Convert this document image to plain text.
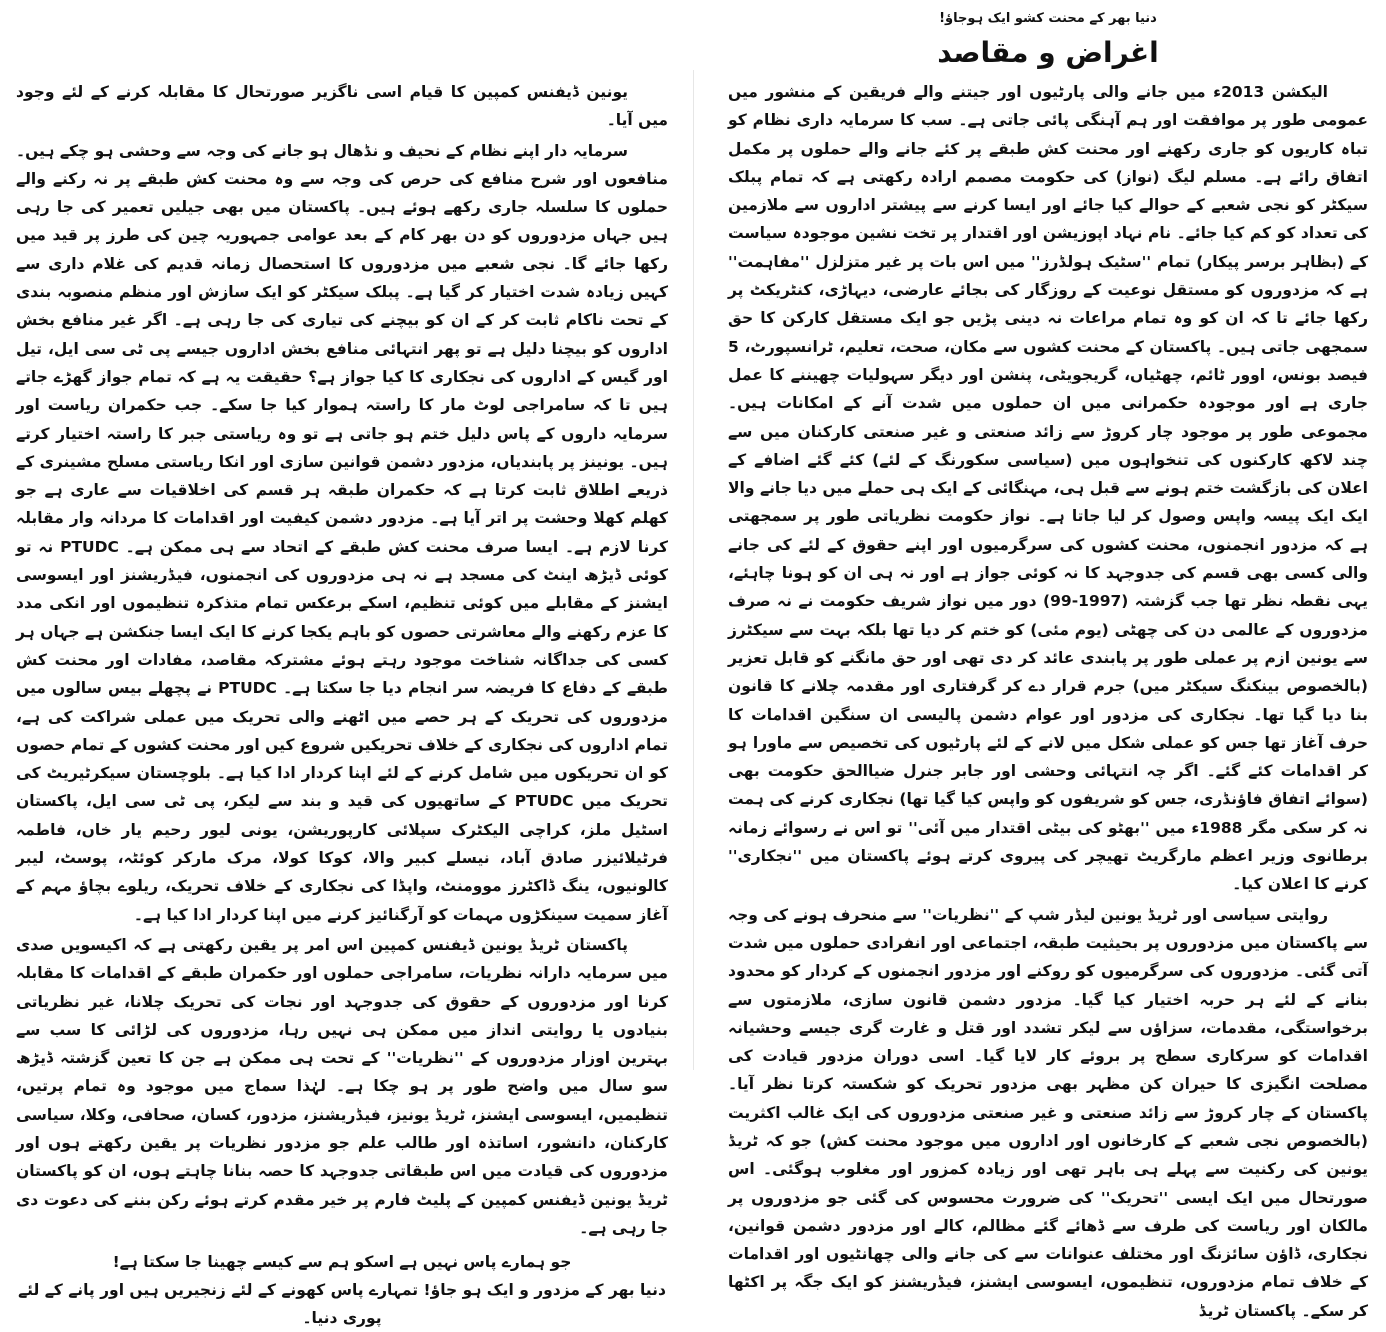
دنیا بھر کے محنت کشو ایک ہوجاؤ!
اغراض و مقاصد

الیکشن 2013ء میں جانے والی پارٹیوں اور جیتنے والے فریقین کے منشور میں عمومی طور پر موافقت اور ہم آہنگی پائی جاتی ہے۔ سب کا سرمایہ داری نظام کو تباہ کاریوں کو جاری رکھنے اور محنت کش طبقے پر کئے جانے والے حملوں پر مکمل اتفاق رائے ہے۔ مسلم لیگ (نواز) کی حکومت مصمم ارادہ رکھتی ہے کہ تمام پبلک سیکٹر کو نجی شعبے کے حوالے کیا جائے اور ایسا کرنے سے پیشتر اداروں سے ملازمین کی تعداد کو کم کیا جائے۔ نام نہاد اپوزیشن اور اقتدار پر تخت نشین موجودہ سیاست کے (بظاہر برسر پیکار) تمام ''سٹیک ہولڈرز'' میں اس بات پر غیر متزلزل ''مفاہمت'' ہے کہ مزدوروں کو مستقل نوعیت کے روزگار کی بجائے عارضی، دیہاڑی، کنٹریکٹ پر رکھا جائے تا کہ ان کو وہ تمام مراعات نہ دینی پڑیں جو ایک مستقل کارکن کا حق سمجھی جاتی ہیں۔ پاکستان کے محنت کشوں سے مکان، صحت، تعلیم، ٹرانسپورٹ، 5 فیصد بونس، اوور ٹائم، چھٹیاں، گریجویٹی، پنشن اور دیگر سہولیات چھیننے کا عمل جاری ہے اور موجودہ حکمرانی میں ان حملوں میں شدت آنے کے امکانات ہیں۔ مجموعی طور پر موجود چار کروڑ سے زائد صنعتی و غیر صنعتی کارکنان میں سے چند لاکھ کارکنوں کی تنخواہوں میں (سیاسی سکورنگ کے لئے) کئے گئے اضافے کے اعلان کی بازگشت ختم ہونے سے قبل ہی، مہنگائی کے ایک ہی حملے میں دیا جانے والا ایک ایک پیسہ واپس وصول کر لیا جاتا ہے۔ نواز حکومت نظریاتی طور پر سمجھتی ہے کہ مزدور انجمنوں، محنت کشوں کی سرگرمیوں اور اپنے حقوق کے لئے کی جانے والی کسی بھی قسم کی جدوجہد کا نہ کوئی جواز ہے اور نہ ہی ان کو ہونا چاہئے، یہی نقطہ نظر تھا جب گزشتہ (1997-99) دور میں نواز شریف حکومت نے نہ صرف مزدوروں کے عالمی دن کی چھٹی (یوم مئی) کو ختم کر دیا تھا بلکہ بہت سے سیکٹرز سے یونین ازم پر عملی طور پر پابندی عائد کر دی تھی اور حق مانگنے کو قابل تعزیر (بالخصوص بینکنگ سیکٹر میں) جرم قرار دے کر گرفتاری اور مقدمہ چلانے کا قانون بنا دیا گیا تھا۔ نجکاری کی مزدور اور عوام دشمن پالیسی ان سنگین اقدامات کا حرف آغاز تھا جس کو عملی شکل میں لانے کے لئے پارٹیوں کی تخصیص سے ماورا ہو کر اقدامات کئے گئے۔ اگر چہ انتہائی وحشی اور جابر جنرل ضیاالحق حکومت بھی (سوائے اتفاق فاؤنڈری، جس کو شریفوں کو واپس کیا گیا تھا) نجکاری کرنے کی ہمت نہ کر سکی مگر 1988ء میں ''بھٹو کی بیٹی اقتدار میں آئی'' تو اس نے رسوائے زمانہ برطانوی وزیر اعظم مارگریٹ تھیچر کی پیروی کرتے ہوئے پاکستان میں ''نجکاری'' کرنے کا اعلان کیا۔

روایتی سیاسی اور ٹریڈ یونین لیڈر شپ کے ''نظریات'' سے منحرف ہونے کی وجہ سے پاکستان میں مزدوروں پر بحیثیت طبقہ، اجتماعی اور انفرادی حملوں میں شدت آتی گئی۔ مزدوروں کی سرگرمیوں کو روکنے اور مزدور انجمنوں کے کردار کو محدود بنانے کے لئے ہر حربہ اختیار کیا گیا۔ مزدور دشمن قانون سازی، ملازمتوں سے برخواستگی، مقدمات، سزاؤں سے لیکر تشدد اور قتل و غارت گری جیسے وحشیانہ اقدامات کو سرکاری سطح پر بروئے کار لایا گیا۔ اسی دوران مزدور قیادت کی مصلحت انگیزی کا حیران کن مظہر بھی مزدور تحریک کو شکستہ کرتا نظر آیا۔ پاکستان کے چار کروڑ سے زائد صنعتی و غیر صنعتی مزدوروں کی ایک غالب اکثریت (بالخصوص نجی شعبے کے کارخانوں اور اداروں میں موجود محنت کش) جو کہ ٹریڈ یونین کی رکنیت سے پہلے ہی باہر تھی اور زیادہ کمزور اور مغلوب ہوگئی۔ اس صورتحال میں ایک ایسی ''تحریک'' کی ضرورت محسوس کی گئی جو مزدوروں پر مالکان اور ریاست کی طرف سے ڈھائے گئے مظالم، کالے اور مزدور دشمن قوانین، نجکاری، ڈاؤن سائزنگ اور مختلف عنوانات سے کی جانے والی چھانٹیوں اور اقدامات کے خلاف تمام مزدوروں، تنظیموں، ایسوسی ایشنز، فیڈریشنز کو ایک جگہ پر اکٹھا کر سکے۔ پاکستان ٹریڈ

یونین ڈیفنس کمپین کا قیام اسی ناگزیر صورتحال کا مقابلہ کرنے کے لئے وجود میں آیا۔

سرمایہ دار اپنے نظام کے نحیف و نڈھال ہو جانے کی وجہ سے وحشی ہو چکے ہیں۔ منافعوں اور شرح منافع کی حرص کی وجہ سے وہ محنت کش طبقے پر نہ رکنے والے حملوں کا سلسلہ جاری رکھے ہوئے ہیں۔ پاکستان میں بھی جیلیں تعمیر کی جا رہی ہیں جہاں مزدوروں کو دن بھر کام کے بعد عوامی جمہوریہ چین کی طرز پر قید میں رکھا جائے گا۔ نجی شعبے میں مزدوروں کا استحصال زمانہ قدیم کی غلام داری سے کہیں زیادہ شدت اختیار کر گیا ہے۔ پبلک سیکٹر کو ایک سازش اور منظم منصوبہ بندی کے تحت ناکام ثابت کر کے ان کو بیچنے کی تیاری کی جا رہی ہے۔ اگر غیر منافع بخش اداروں کو بیچنا دلیل ہے تو پھر انتہائی منافع بخش اداروں جیسے پی ٹی سی ایل، تیل اور گیس کے اداروں کی نجکاری کا کیا جواز ہے؟ حقیقت یہ ہے کہ تمام جواز گھڑے جاتے ہیں تا کہ سامراجی لوٹ مار کا راستہ ہموار کیا جا سکے۔ جب حکمران ریاست اور سرمایہ داروں کے پاس دلیل ختم ہو جاتی ہے تو وہ ریاستی جبر کا راستہ اختیار کرتے ہیں۔ یونینز پر پابندیاں، مزدور دشمن قوانین سازی اور انکا ریاستی مسلح مشینری کے ذریعے اطلاق ثابت کرتا ہے کہ حکمران طبقہ ہر قسم کی اخلاقیات سے عاری ہے جو کھلم کھلا وحشت پر اتر آیا ہے۔ مزدور دشمن کیفیت اور اقدامات کا مردانہ وار مقابلہ کرنا لازم ہے۔ ایسا صرف محنت کش طبقے کے اتحاد سے ہی ممکن ہے۔ PTUDC نہ تو کوئی ڈیڑھ اینٹ کی مسجد ہے نہ ہی مزدوروں کی انجمنوں، فیڈریشنز اور ایسوسی ایشنز کے مقابلے میں کوئی تنظیم، اسکے برعکس تمام متذکرہ تنظیموں اور انکی مدد کا عزم رکھنے والے معاشرتی حصوں کو باہم یکجا کرنے کا ایک ایسا جنکشن ہے جہاں ہر کسی کی جداگانہ شناخت موجود رہتے ہوئے مشترکہ مقاصد، مفادات اور محنت کش طبقے کے دفاع کا فریضہ سر انجام دیا جا سکتا ہے۔ PTUDC نے پچھلے بیس سالوں میں مزدوروں کی تحریک کے ہر حصے میں اٹھنے والی تحریک میں عملی شراکت کی ہے، تمام اداروں کی نجکاری کے خلاف تحریکیں شروع کیں اور محنت کشوں کے تمام حصوں کو ان تحریکوں میں شامل کرنے کے لئے اپنا کردار ادا کیا ہے۔ بلوچستان سیکرٹیریٹ کی تحریک میں PTUDC کے ساتھیوں کی قید و بند سے لیکر، پی ٹی سی ایل، پاکستان اسٹیل ملز، کراچی الیکٹرک سپلائی کارپوریشن، یونی لیور رحیم یار خاں، فاطمہ فرٹیلائیزر صادق آباد، نیسلے کبیر والا، کوکا کولا، مرک مارکر کوئٹہ، پوسٹ، لیبر کالونیوں، ینگ ڈاکٹرز موومنٹ، واپڈا کی نجکاری کے خلاف تحریک، ریلوے بچاؤ مہم کے آغاز سمیت سینکڑوں مہمات کو آرگنائیز کرنے میں اپنا کردار ادا کیا ہے۔

پاکستان ٹریڈ یونین ڈیفنس کمپین اس امر پر یقین رکھتی ہے کہ اکیسویں صدی میں سرمایہ دارانہ نظریات، سامراجی حملوں اور حکمران طبقے کے اقدامات کا مقابلہ کرنا اور مزدوروں کے حقوق کی جدوجہد اور نجات کی تحریک چلانا، غیر نظریاتی بنیادوں یا روایتی انداز میں ممکن ہی نہیں رہا، مزدوروں کی لڑائی کا سب سے بہترین اوزار مزدوروں کے ''نظریات'' کے تحت ہی ممکن ہے جن کا تعین گزشتہ ڈیڑھ سو سال میں واضح طور پر ہو چکا ہے۔ لہٰذا سماج میں موجود وہ تمام پرتیں، تنظیمیں، ایسوسی ایشنز، ٹریڈ یونیز، فیڈریشنز، مزدور، کسان، صحافی، وکلا، سیاسی کارکنان، دانشور، اساتذہ اور طالب علم جو مزدور نظریات پر یقین رکھتے ہوں اور مزدوروں کی قیادت میں اس طبقاتی جدوجہد کا حصہ بنانا چاہتے ہوں، ان کو پاکستان ٹریڈ یونین ڈیفنس کمپین کے پلیٹ فارم پر خیر مقدم کرتے ہوئے رکن بننے کی دعوت دی جا رہی ہے۔

جو ہمارے پاس نہیں ہے اسکو ہم سے کیسے چھینا جا سکتا ہے!
دنیا بھر کے مزدور و ایک ہو جاؤ! تمہارے پاس کھونے کے لئے زنجیریں ہیں اور پانے کے لئے پوری دنیا۔
